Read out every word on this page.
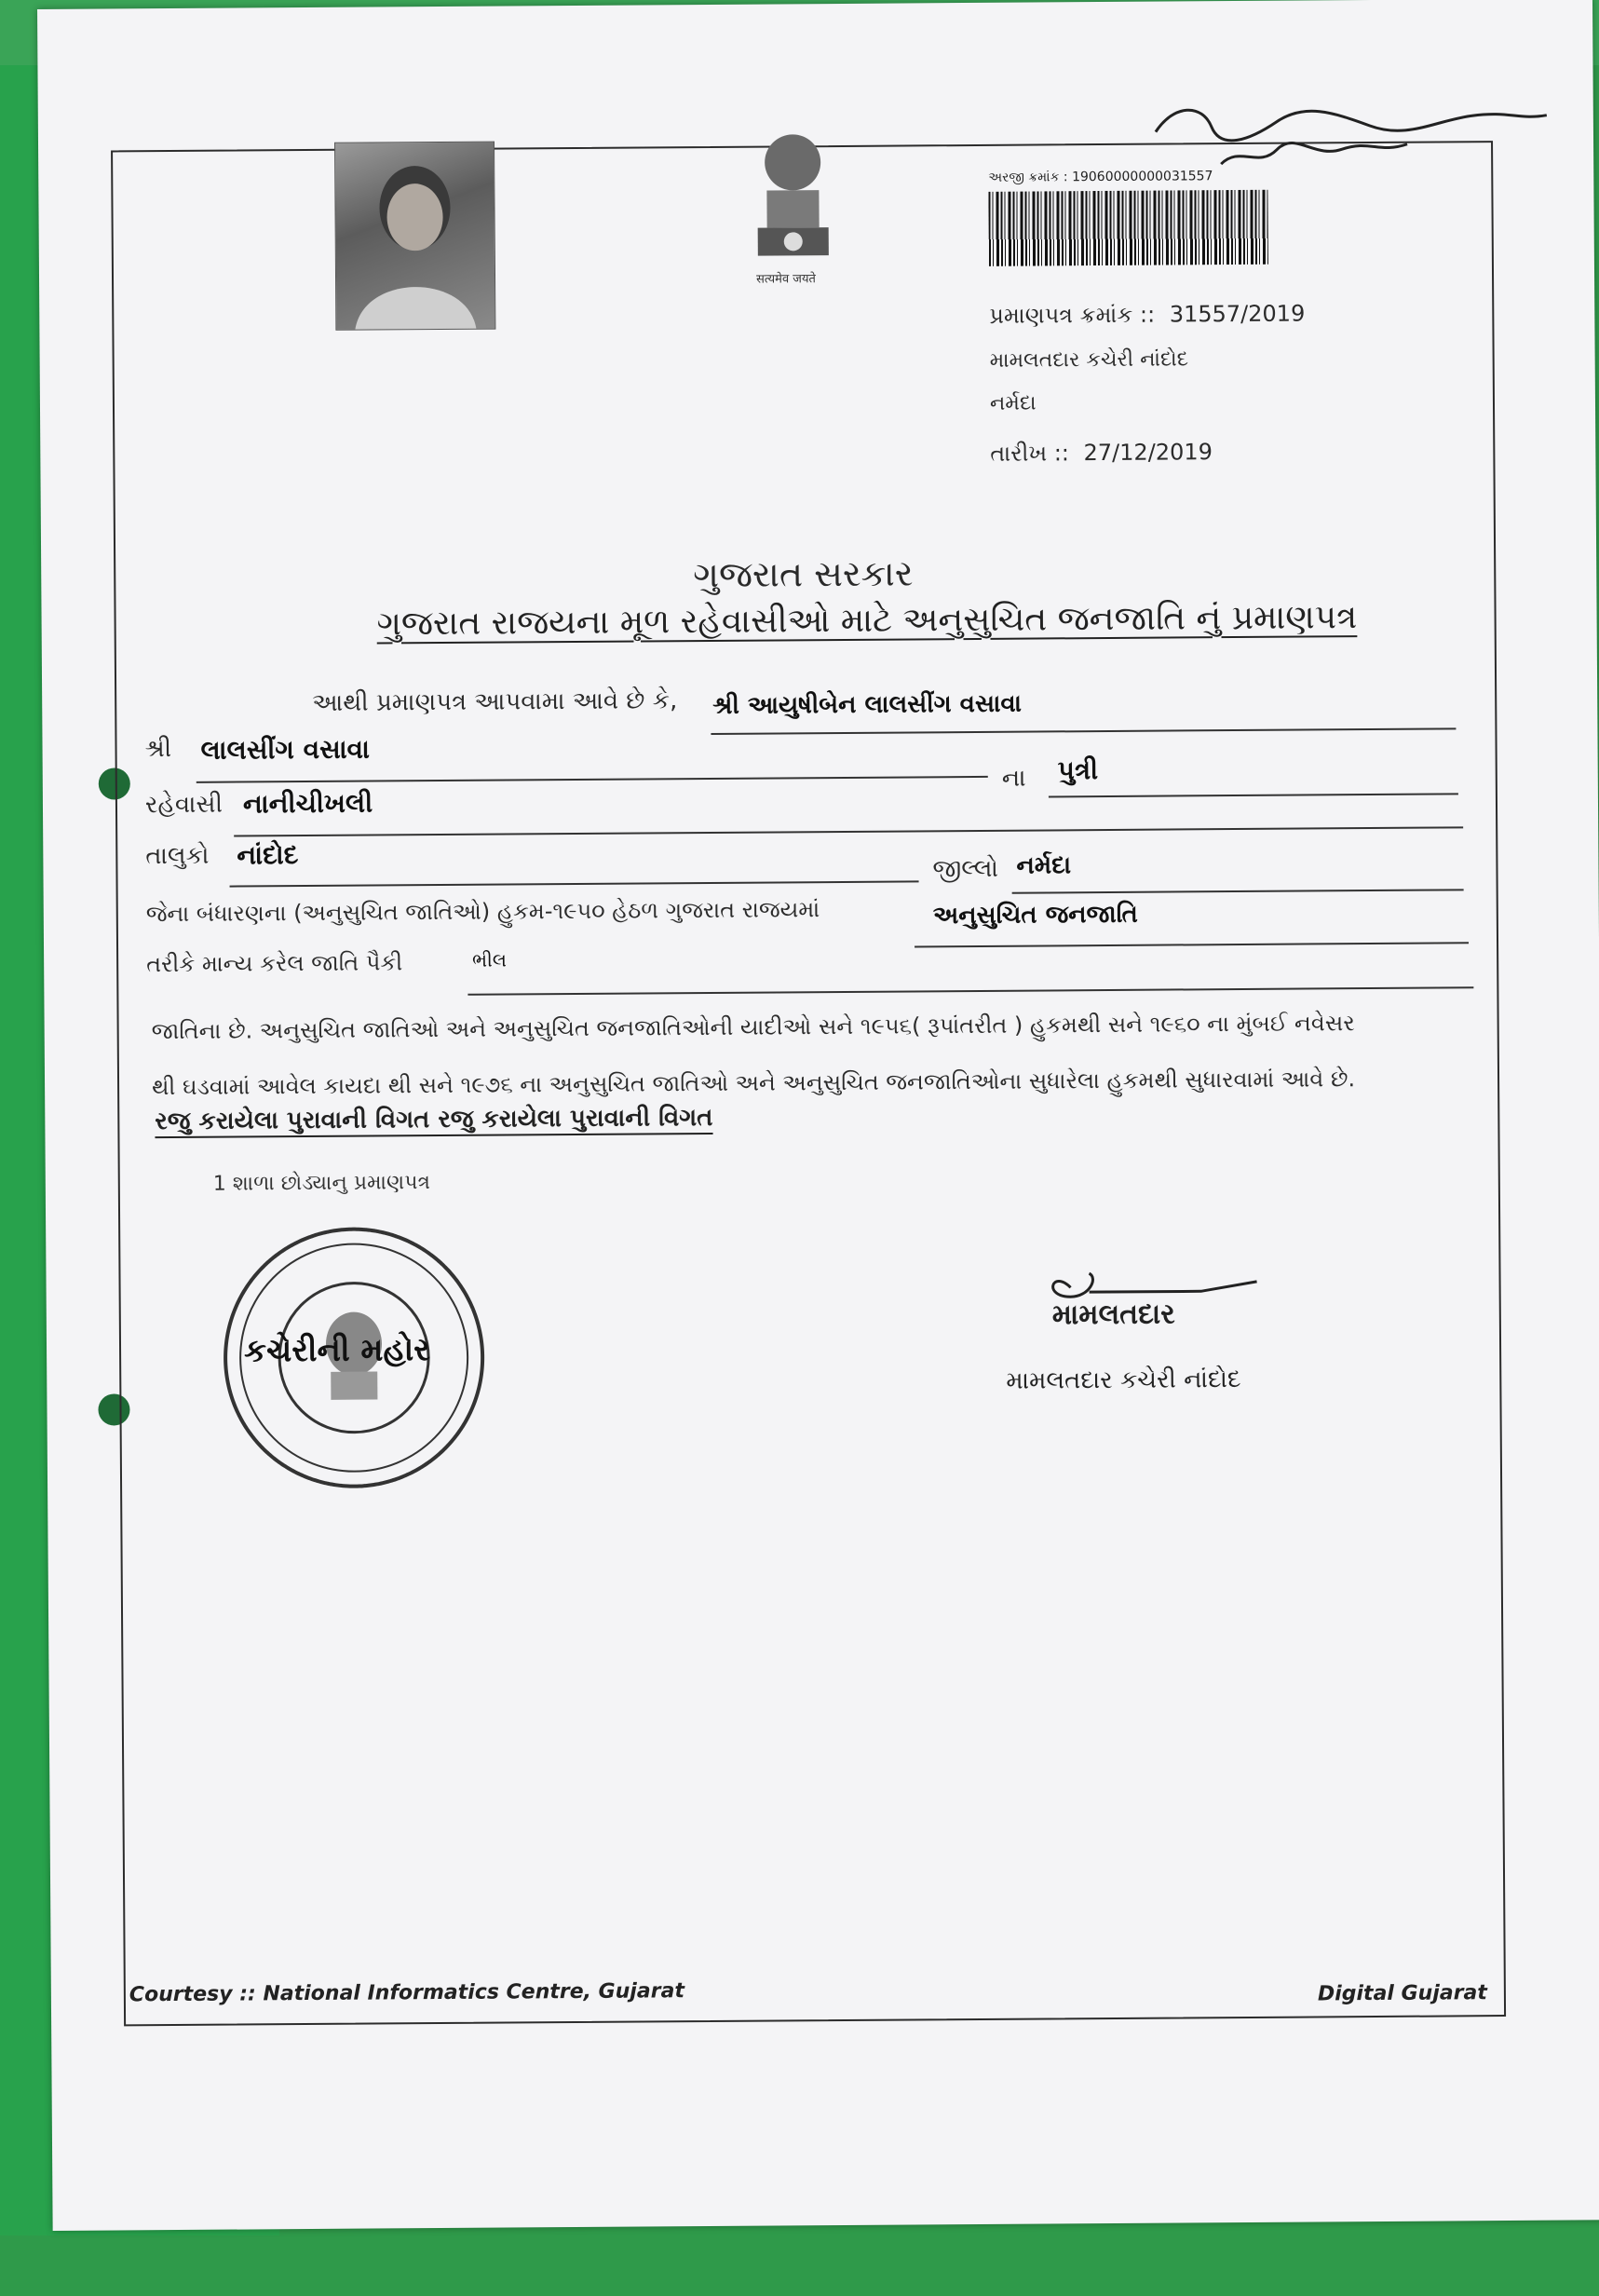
सत्यमेव जयते
અરજી ક્રમાંક : 19060000000031557
પ્રમાણપત્ર ક્રમાંક :: 31557/2019
મામલતદાર કચેરી નાંદોદ
નર્મદા
તારીખ :: 27/12/2019
ગુજરાત સરકાર
ગુજરાત રાજયના મૂળ રહેવાસીઓ માટે અનુસુચિત જનજાતિ નું પ્રમાણપત્ર
આથી પ્રમાણપત્ર આપવામા આવે છે કે, શ્રી આયુષીબેન લાલસીંગ વસાવા
શ્રી લાલસીંગ વસાવા
ના પુત્રી
રહેવાસી નાનીચીખલી
તાલુકો નાંદોદ	જીલ્લો નર્મદા
જેના બંધારણના (અનુસુચિત જાતિઓ) હુકમ-૧૯૫૦ હેઠળ ગુજરાત રાજયમાં	અનુસુચિત જનજાતિ
તરીકે માન્ય કરેલ જાતિ પૈકી	ભીલ
જાતિના છે. અનુસુચિત જાતિઓ અને અનુસુચિત જનજાતિઓની યાદીઓ સને ૧૯૫૬( રૂપાંતરીત ) હુકમથી સને ૧૯૬૦ ના મુંબઈ નવેસર
થી ઘડવામાં આવેલ કાયદા થી સને ૧૯૭૬ ના અનુસુચિત જાતિઓ અને અનુસુચિત જનજાતિઓના સુધારેલા હુકમથી સુધારવામાં આવે છે.
રજુ કરાયેલા પુરાવાની વિગત રજુ કરાયેલા પુરાવાની વિગત
1 શાળા છોડ્યાનુ પ્રમાણપત્ર
કચેરીની મહોર
મામલતદાર
મામલતદાર કચેરી નાંદોદ
Courtesy :: National Informatics Centre, Gujarat	Digital Gujarat
